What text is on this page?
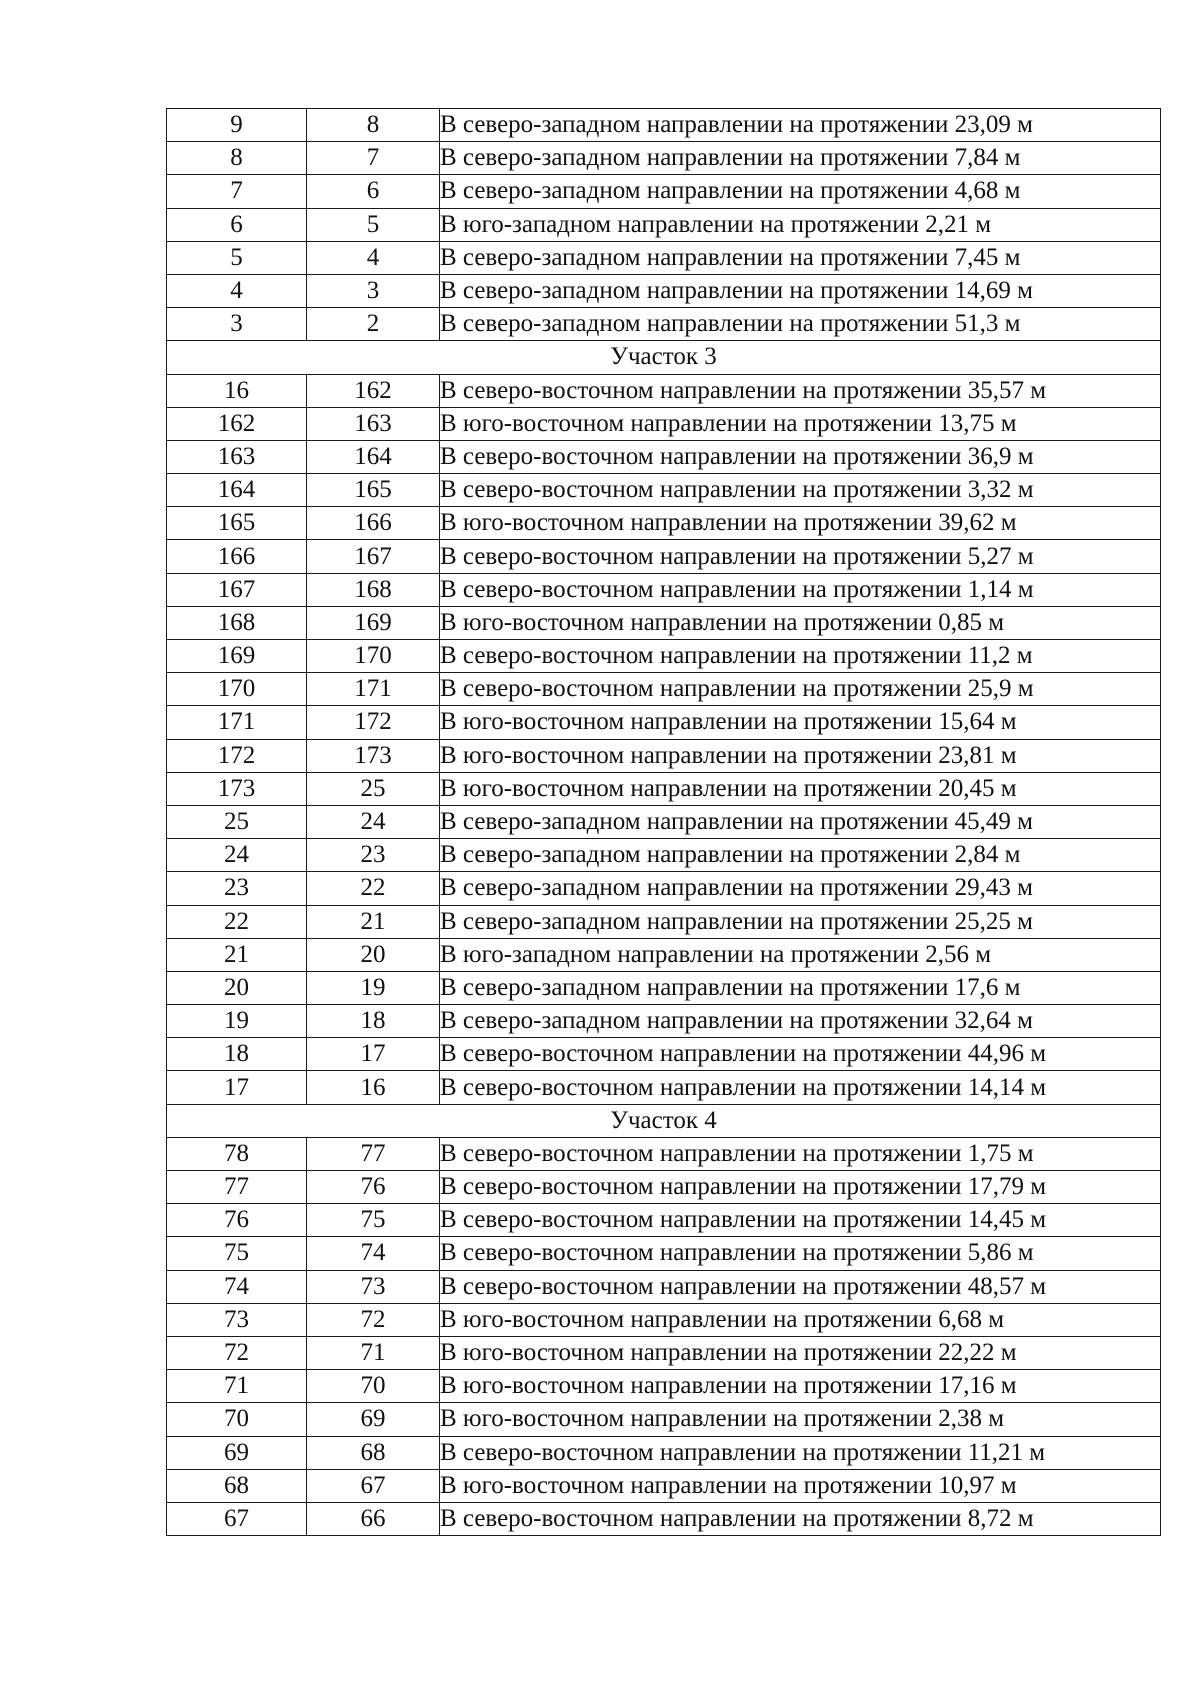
9	8	В северо-западном направлении на протяжении 23,09 м
8	7	В северо-западном направлении на протяжении 7,84 м
7	6	В северо-западном направлении на протяжении 4,68 м
6	5	В юго-западном направлении на протяжении 2,21 м
5	4	В северо-западном направлении на протяжении 7,45 м
4	3	В северо-западном направлении на протяжении 14,69 м
3	2	В северо-западном направлении на протяжении 51,3 м
Участок 3		
16	162	В северо-восточном направлении на протяжении 35,57 м
162	163	В юго-восточном направлении на протяжении 13,75 м
163	164	В северо-восточном направлении на протяжении 36,9 м
164	165	В северо-восточном направлении на протяжении 3,32 м
165	166	В юго-восточном направлении на протяжении 39,62 м
166	167	В северо-восточном направлении на протяжении 5,27 м
167	168	В северо-восточном направлении на протяжении 1,14 м
168	169	В юго-восточном направлении на протяжении 0,85 м
169	170	В северо-восточном направлении на протяжении 11,2 м
170	171	В северо-восточном направлении на протяжении 25,9 м
171	172	В юго-восточном направлении на протяжении 15,64 м
172	173	В юго-восточном направлении на протяжении 23,81 м
173	25	В юго-восточном направлении на протяжении 20,45 м
25	24	В северо-западном направлении на протяжении 45,49 м
24	23	В северо-западном направлении на протяжении 2,84 м
23	22	В северо-западном направлении на протяжении 29,43 м
22	21	В северо-западном направлении на протяжении 25,25 м
21	20	В юго-западном направлении на протяжении 2,56 м
20	19	В северо-западном направлении на протяжении 17,6 м
19	18	В северо-западном направлении на протяжении 32,64 м
18	17	В северо-восточном направлении на протяжении 44,96 м
17	16	В северо-восточном направлении на протяжении 14,14 м
Участок 4		
78	77	В северо-восточном направлении на протяжении 1,75 м
77	76	В северо-восточном направлении на протяжении 17,79 м
76	75	В северо-восточном направлении на протяжении 14,45 м
75	74	В северо-восточном направлении на протяжении 5,86 м
74	73	В северо-восточном направлении на протяжении 48,57 м
73	72	В юго-восточном направлении на протяжении 6,68 м
72	71	В юго-восточном направлении на протяжении 22,22 м
71	70	В юго-восточном направлении на протяжении 17,16 м
70	69	В юго-восточном направлении на протяжении 2,38 м
69	68	В северо-восточном направлении на протяжении 11,21 м
68	67	В юго-восточном направлении на протяжении 10,97 м
67	66	В северо-восточном направлении на протяжении 8,72 м
